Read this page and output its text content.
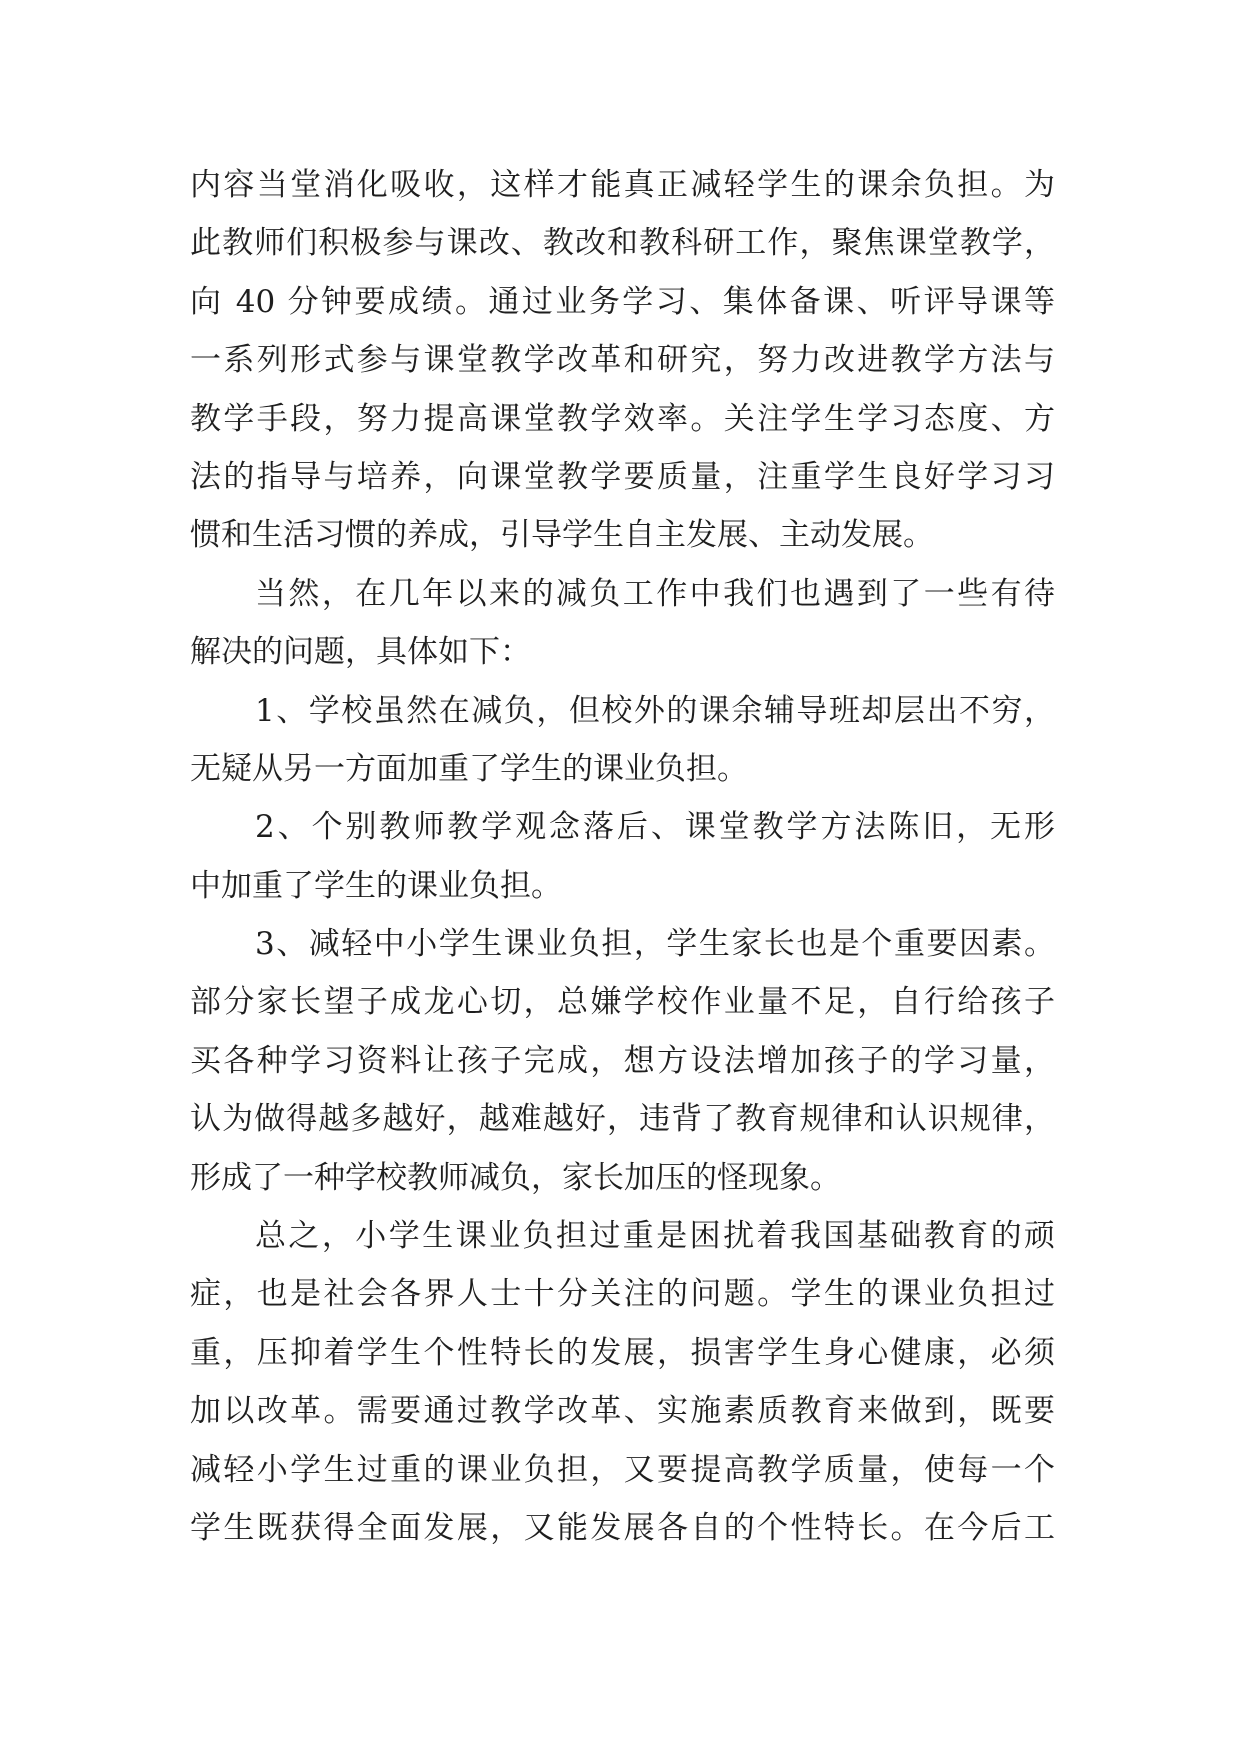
内容当堂消化吸收，这样才能真正减轻学生的课余负担。为
此教师们积极参与课改、教改和教科研工作，聚焦课堂教学，
向 40 分钟要成绩。通过业务学习、集体备课、听评导课等
一系列形式参与课堂教学改革和研究，努力改进教学方法与
教学手段，努力提高课堂教学效率。关注学生学习态度、方
法的指导与培养，向课堂教学要质量，注重学生良好学习习
惯和生活习惯的养成，引导学生自主发展、主动发展。
当然，在几年以来的减负工作中我们也遇到了一些有待
解决的问题，具体如下：
1、学校虽然在减负，但校外的课余辅导班却层出不穷，
无疑从另一方面加重了学生的课业负担。
2、个别教师教学观念落后、课堂教学方法陈旧，无形
中加重了学生的课业负担。
3、减轻中小学生课业负担，学生家长也是个重要因素。
部分家长望子成龙心切，总嫌学校作业量不足，自行给孩子
买各种学习资料让孩子完成，想方设法增加孩子的学习量，
认为做得越多越好，越难越好，违背了教育规律和认识规律，
形成了一种学校教师减负，家长加压的怪现象。
总之，小学生课业负担过重是困扰着我国基础教育的顽
症，也是社会各界人士十分关注的问题。学生的课业负担过
重，压抑着学生个性特长的发展，损害学生身心健康，必须
加以改革。需要通过教学改革、实施素质教育来做到，既要
减轻小学生过重的课业负担，又要提高教学质量，使每一个
学生既获得全面发展，又能发展各自的个性特长。在今后工
